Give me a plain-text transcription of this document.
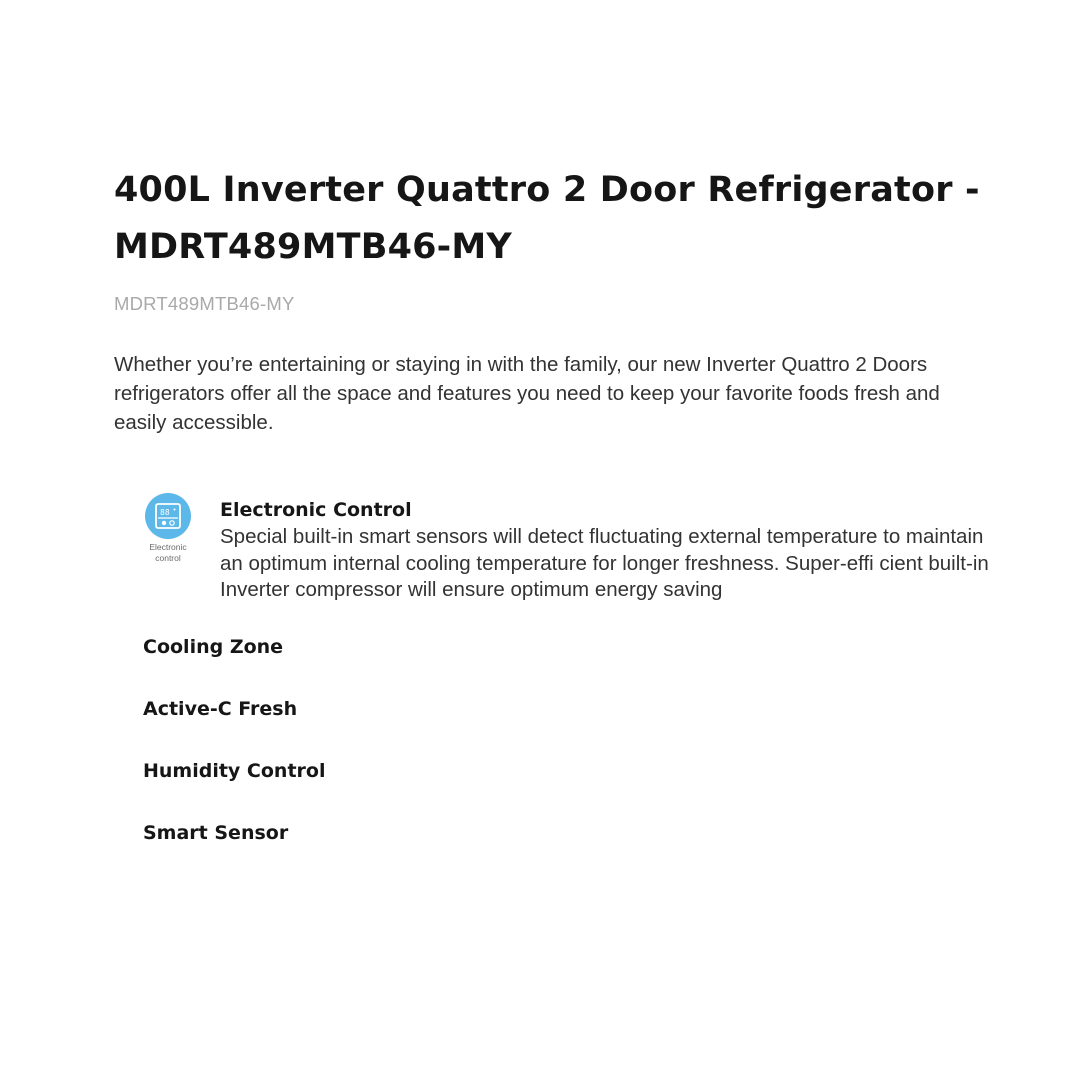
400L Inverter Quattro 2 Door Refrigerator - MDRT489MTB46-MY
MDRT489MTB46-MY

Whether you’re entertaining or staying in with the family, our new Inverter Quattro 2 Doors refrigerators offer all the space and features you need to keep your favorite foods fresh and easily accessible.

88
Electronic control
Electronic Control
Special built-in smart sensors will detect fluctuating external temperature to maintain an optimum internal cooling temperature for longer freshness. Super-effi cient built-in Inverter compressor will ensure optimum energy saving
Cooling Zone
Active-C Fresh
Humidity Control
Smart Sensor
